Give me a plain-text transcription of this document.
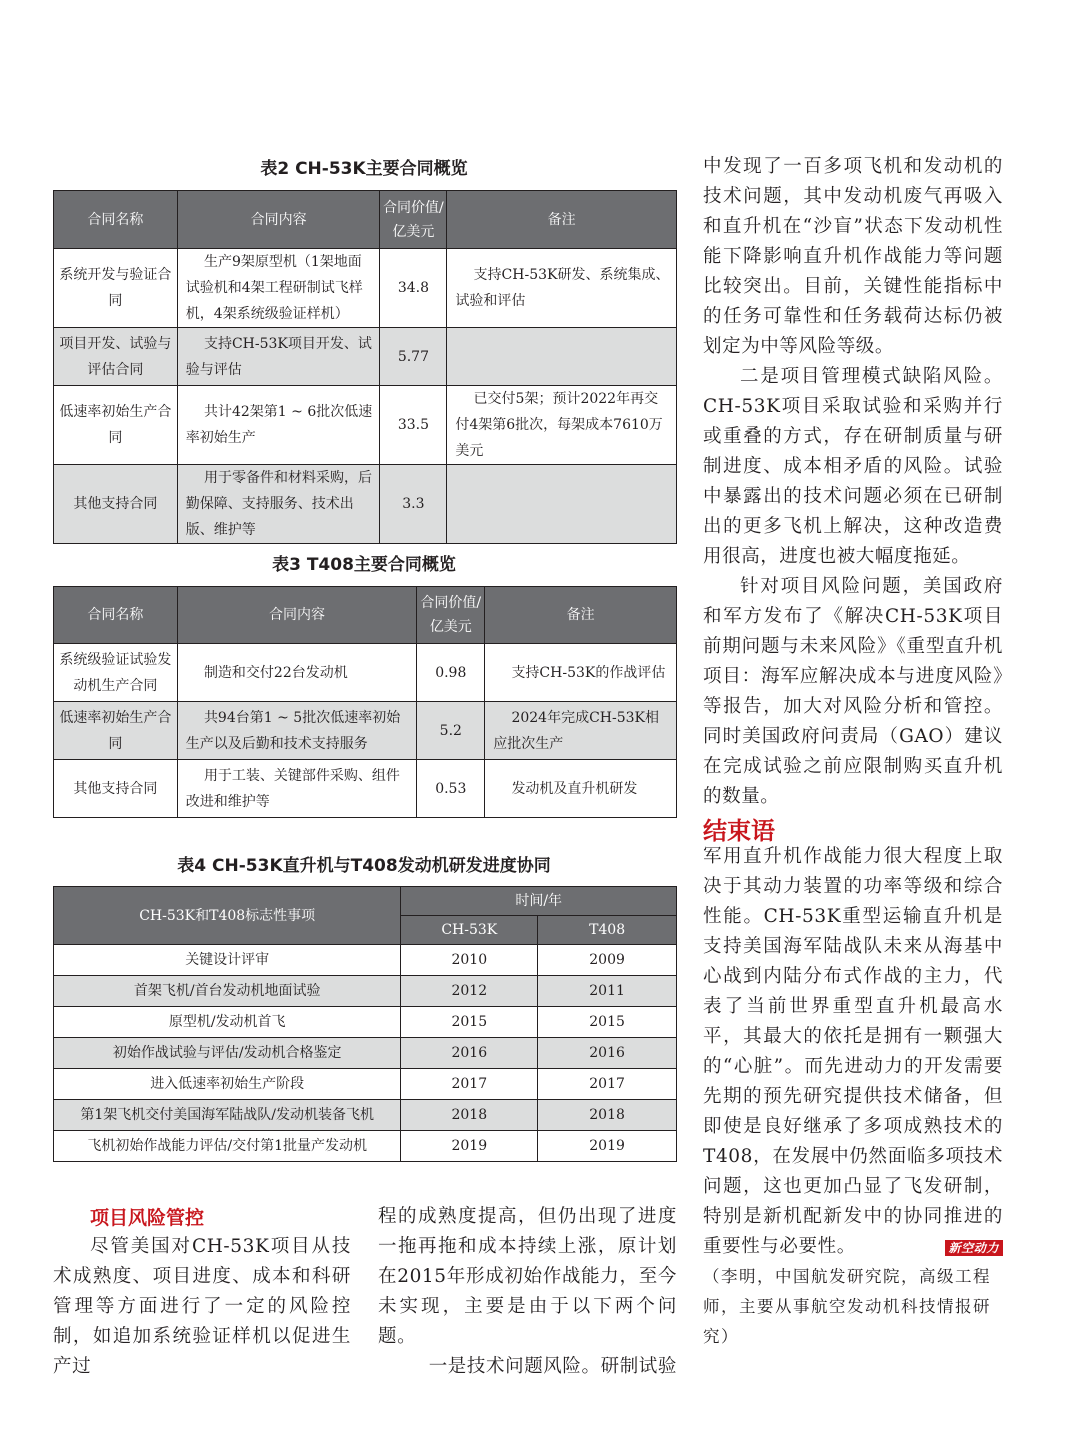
表2 CH-53K主要合同概览
合同名称	合同内容	合同价值/亿美元	备注
系统开发与验证合同	生产9架原型机（1架地面试验机和4架工程研制试飞样机，4架系统级验证样机）	34.8	支持CH-53K研发、系统集成、试验和评估
项目开发、试验与评估合同	支持CH-53K项目开发、试验与评估	5.77	
低速率初始生产合同	共计42架第1 ~ 6批次低速率初始生产	33.5	已交付5架；预计2022年再交付4架第6批次，每架成本7610万美元
其他支持合同	用于零备件和材料采购，后勤保障、支持服务、技术出版、维护等	3.3	
表3 T408主要合同概览
合同名称	合同内容	合同价值/亿美元	备注
系统级验证试验发动机生产合同	制造和交付22台发动机	0.98	支持CH-53K的作战评估
低速率初始生产合同	共94台第1 ~ 5批次低速率初始生产以及后勤和技术支持服务	5.2	2024年完成CH-53K相应批次生产
其他支持合同	用于工装、关键部件采购、组件改进和维护等	0.53	发动机及直升机研发
表4 CH-53K直升机与T408发动机研发进度协同
CH-53K和T408标志性事项	时间/年	
	CH-53K	T408
关键设计评审	2010	2009
首架飞机/首台发动机地面试验	2012	2011
原型机/发动机首飞	2015	2015
初始作战试验与评估/发动机合格鉴定	2016	2016
进入低速率初始生产阶段	2017	2017
第1架飞机交付美国海军陆战队/发动机装备飞机	2018	2018
飞机初始作战能力评估/交付第1批量产发动机	2019	2019
项目风险管控

尽管美国对CH-53K项目从技术成熟度、项目进度、成本和科研管理等方面进行了一定的风险控制，如追加系统验证样机以促进生产过

程的成熟度提高，但仍出现了进度一拖再拖和成本持续上涨，原计划在2015年形成初始作战能力，至今未实现，主要是由于以下两个问题。

一是技术问题风险。研制试验

中发现了一百多项飞机和发动机的技术问题，其中发动机废气再吸入和直升机在“沙盲”状态下发动机性能下降影响直升机作战能力等问题比较突出。目前，关键性能指标中的任务可靠性和任务载荷达标仍被划定为中等风险等级。

二是项目管理模式缺陷风险。CH-53K项目采取试验和采购并行或重叠的方式，存在研制质量与研制进度、成本相矛盾的风险。试验中暴露出的技术问题必须在已研制出的更多飞机上解决，这种改造费用很高，进度也被大幅度拖延。

针对项目风险问题，美国政府和军方发布了《解决CH-53K项目前期问题与未来风险》《重型直升机项目：海军应解决成本与进度风险》等报告，加大对风险分析和管控。同时美国政府问责局（GAO）建议在完成试验之前应限制购买直升机的数量。

结束语

军用直升机作战能力很大程度上取决于其动力装置的功率等级和综合性能。CH-53K重型运输直升机是支持美国海军陆战队未来从海基中心战到内陆分布式作战的主力，代表了当前世界重型直升机最高水平，其最大的依托是拥有一颗强大的“心脏”。而先进动力的开发需要先期的预先研究提供技术储备，但即使是良好继承了多项成熟技术的T408，在发展中仍然面临多项技术问题，这也更加凸显了飞发研制，特别是新机配新发中的协同推进的重要性与必要性。	新空动力

（李明，中国航发研究院，高级工程师，主要从事航空发动机科技情报研究）
